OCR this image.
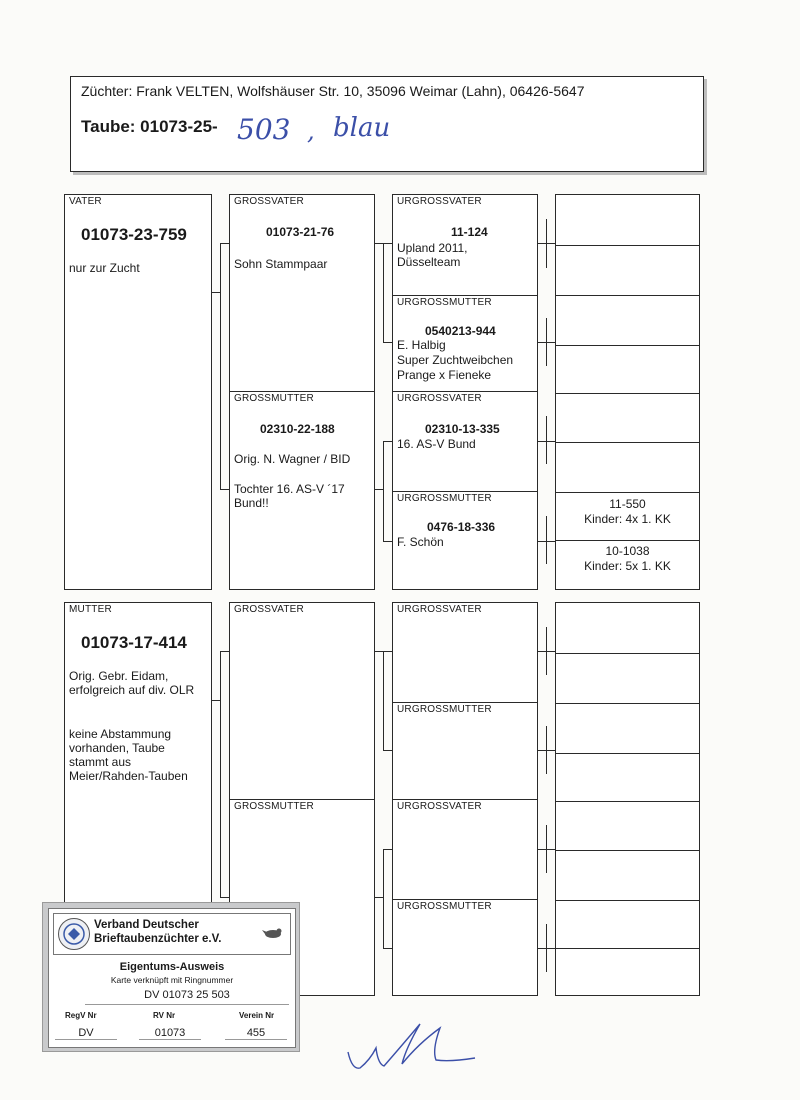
Züchter: Frank VELTEN, Wolfshäuser Str. 10, 35096 Weimar (Lahn), 06426-5647
Taube: 01073-25- 503 , blau
VATER
01073-23-759
nur zur Zucht
GROSSVATER
01073-21-76
Sohn Stammpaar
GROSSMUTTER
02310-22-188
Orig. N. Wagner / BID
Tochter 16. AS-V ´17 Bund!!
URGROSSVATER
11-124
Upland 2011,
Düsselteam
URGROSSMUTTER
0540213-944
E. Halbig
Super Zuchtweibchen
Prange x Fieneke
URGROSSVATER
02310-13-335
16. AS-V Bund
URGROSSMUTTER
0476-18-336
F. Schön
11-550
Kinder: 4x 1. KK
10-1038
Kinder: 5x 1. KK
MUTTER
01073-17-414
Orig. Gebr. Eidam, erfolgreich auf div. OLR
keine Abstammung vorhanden, Taube stammt aus Meier/Rahden-Tauben
GROSSVATER
GROSSMUTTER
URGROSSVATER
URGROSSMUTTER
URGROSSVATER
URGROSSMUTTER
Verband Deutscher
Brieftaubenzüchter e.V.
Eigentums-Ausweis
Karte verknüpft mit Ringnummer
DV 01073 25 503
RegV Nr	RV Nr	Verein Nr
DV	01073	455
